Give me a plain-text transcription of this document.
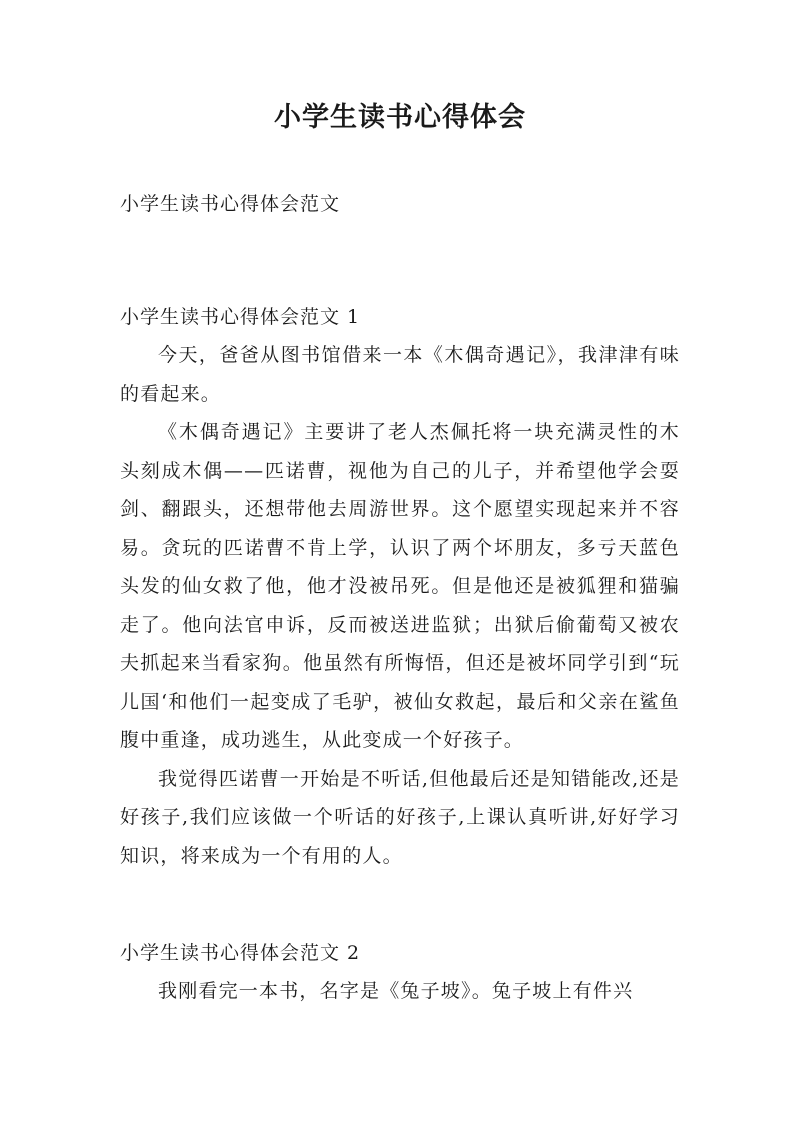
小学生读书心得体会

小学生读书心得体会范文

小学生读书心得体会范文 1

今天，爸爸从图书馆借来一本《木偶奇遇记》，我津津有味的看起来。

《木偶奇遇记》主要讲了老人杰佩托将一块充满灵性的木头刻成木偶——匹诺曹，视他为自己的儿子，并希望他学会耍剑、翻跟头，还想带他去周游世界。这个愿望实现起来并不容易。贪玩的匹诺曹不肯上学，认识了两个坏朋友，多亏天蓝色头发的仙女救了他，他才没被吊死。但是他还是被狐狸和猫骗走了。他向法官申诉，反而被送进监狱；出狱后偷葡萄又被农夫抓起来当看家狗。他虽然有所悔悟，但还是被坏同学引到“玩儿国‘和他们一起变成了毛驴，被仙女救起，最后和父亲在鲨鱼腹中重逢，成功逃生，从此变成一个好孩子。

我觉得匹诺曹一开始是不听话,但他最后还是知错能改,还是好孩子,我们应该做一个听话的好孩子,上课认真听讲,好好学习知识，将来成为一个有用的人。

小学生读书心得体会范文 2

我刚看完一本书，名字是《兔子坡》。兔子坡上有件兴
